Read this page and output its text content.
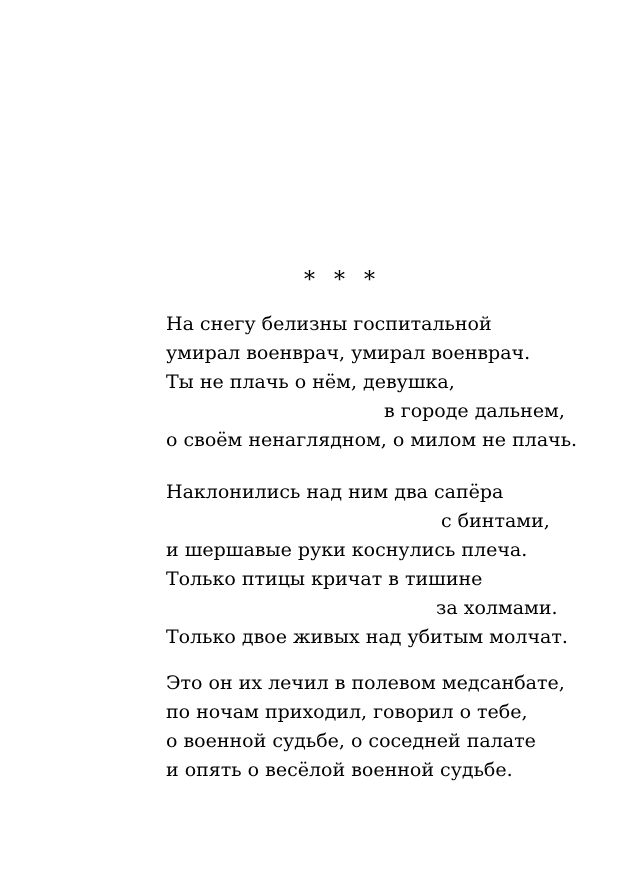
* * *
На снегу белизны госпитальной
умирал военврач, умирал военврач.
Ты не плачь о нём, девушка,
в городе дальнем,
о своём ненаглядном, о милом не плачь.
Наклонились над ним два сапёра
с бинтами,
и шершавые руки коснулись плеча.
Только птицы кричат в тишине
за холмами.
Только двое живых над убитым молчат.
Это он их лечил в полевом медсанбате,
по ночам приходил, говорил о тебе,
о военной судьбе, о соседней палате
и опять о весёлой военной судьбе.
